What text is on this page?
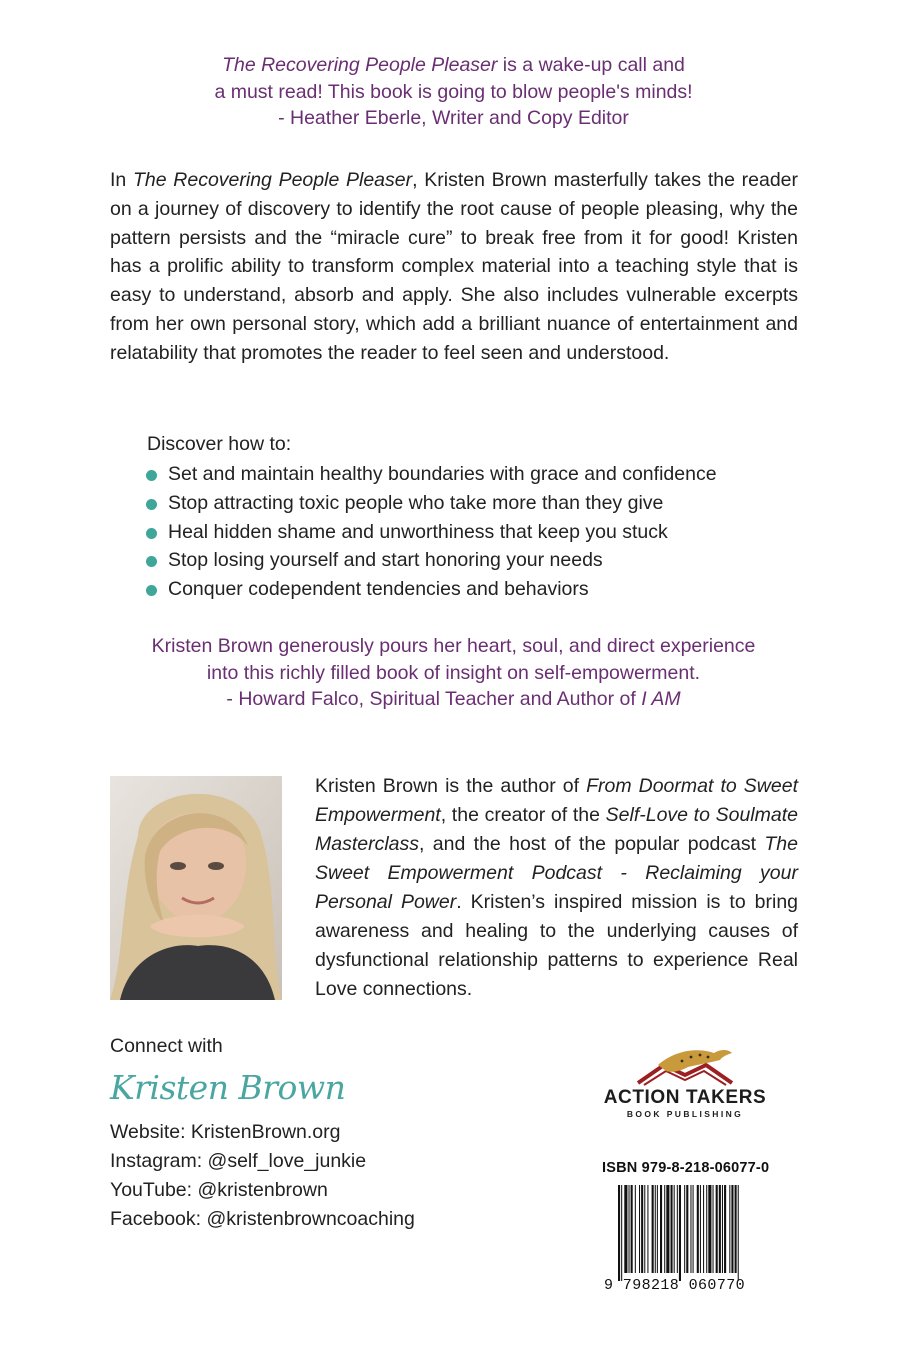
The Recovering People Pleaser is a wake-up call and

a must read! This book is going to blow people's minds!

- Heather Eberle, Writer and Copy Editor

In The Recovering People Pleaser, Kristen Brown masterfully takes the reader on a journey of discovery to identify the root cause of people pleasing, why the pattern persists and the “miracle cure” to break free from it for good! Kristen has a prolific ability to transform complex material into a teaching style that is easy to understand, absorb and apply. She also includes vulnerable excerpts from her own personal story, which add a brilliant nuance of entertainment and relatability that promotes the reader to feel seen and understood.

Discover how to:

Set and maintain healthy boundaries with grace and confidence
Stop attracting toxic people who take more than they give
Heal hidden shame and unworthiness that keep you stuck
Stop losing yourself and start honoring your needs
Conquer codependent tendencies and behaviors

Kristen Brown generously pours her heart, soul, and direct experience

into this richly filled book of insight on self-empowerment.

- Howard Falco, Spiritual Teacher and Author of I AM

Kristen Brown is the author of From Doormat to Sweet Empowerment, the creator of the Self-Love to Soulmate Masterclass, and the host of the popular podcast The Sweet Empowerment Podcast - Reclaiming your Personal Power. Kristen’s inspired mission is to bring awareness and healing to the underlying causes of dysfunctional relationship patterns to experience Real Love connections.

Connect with
Kristen Brown
Website: KristenBrown.org
Instagram: @self_love_junkie
YouTube: @kristenbrown
Facebook: @kristenbrowncoaching
ACTION TAKERS
BOOK PUBLISHING
ISBN 979-8-218-06077-0
9 798218 060770
